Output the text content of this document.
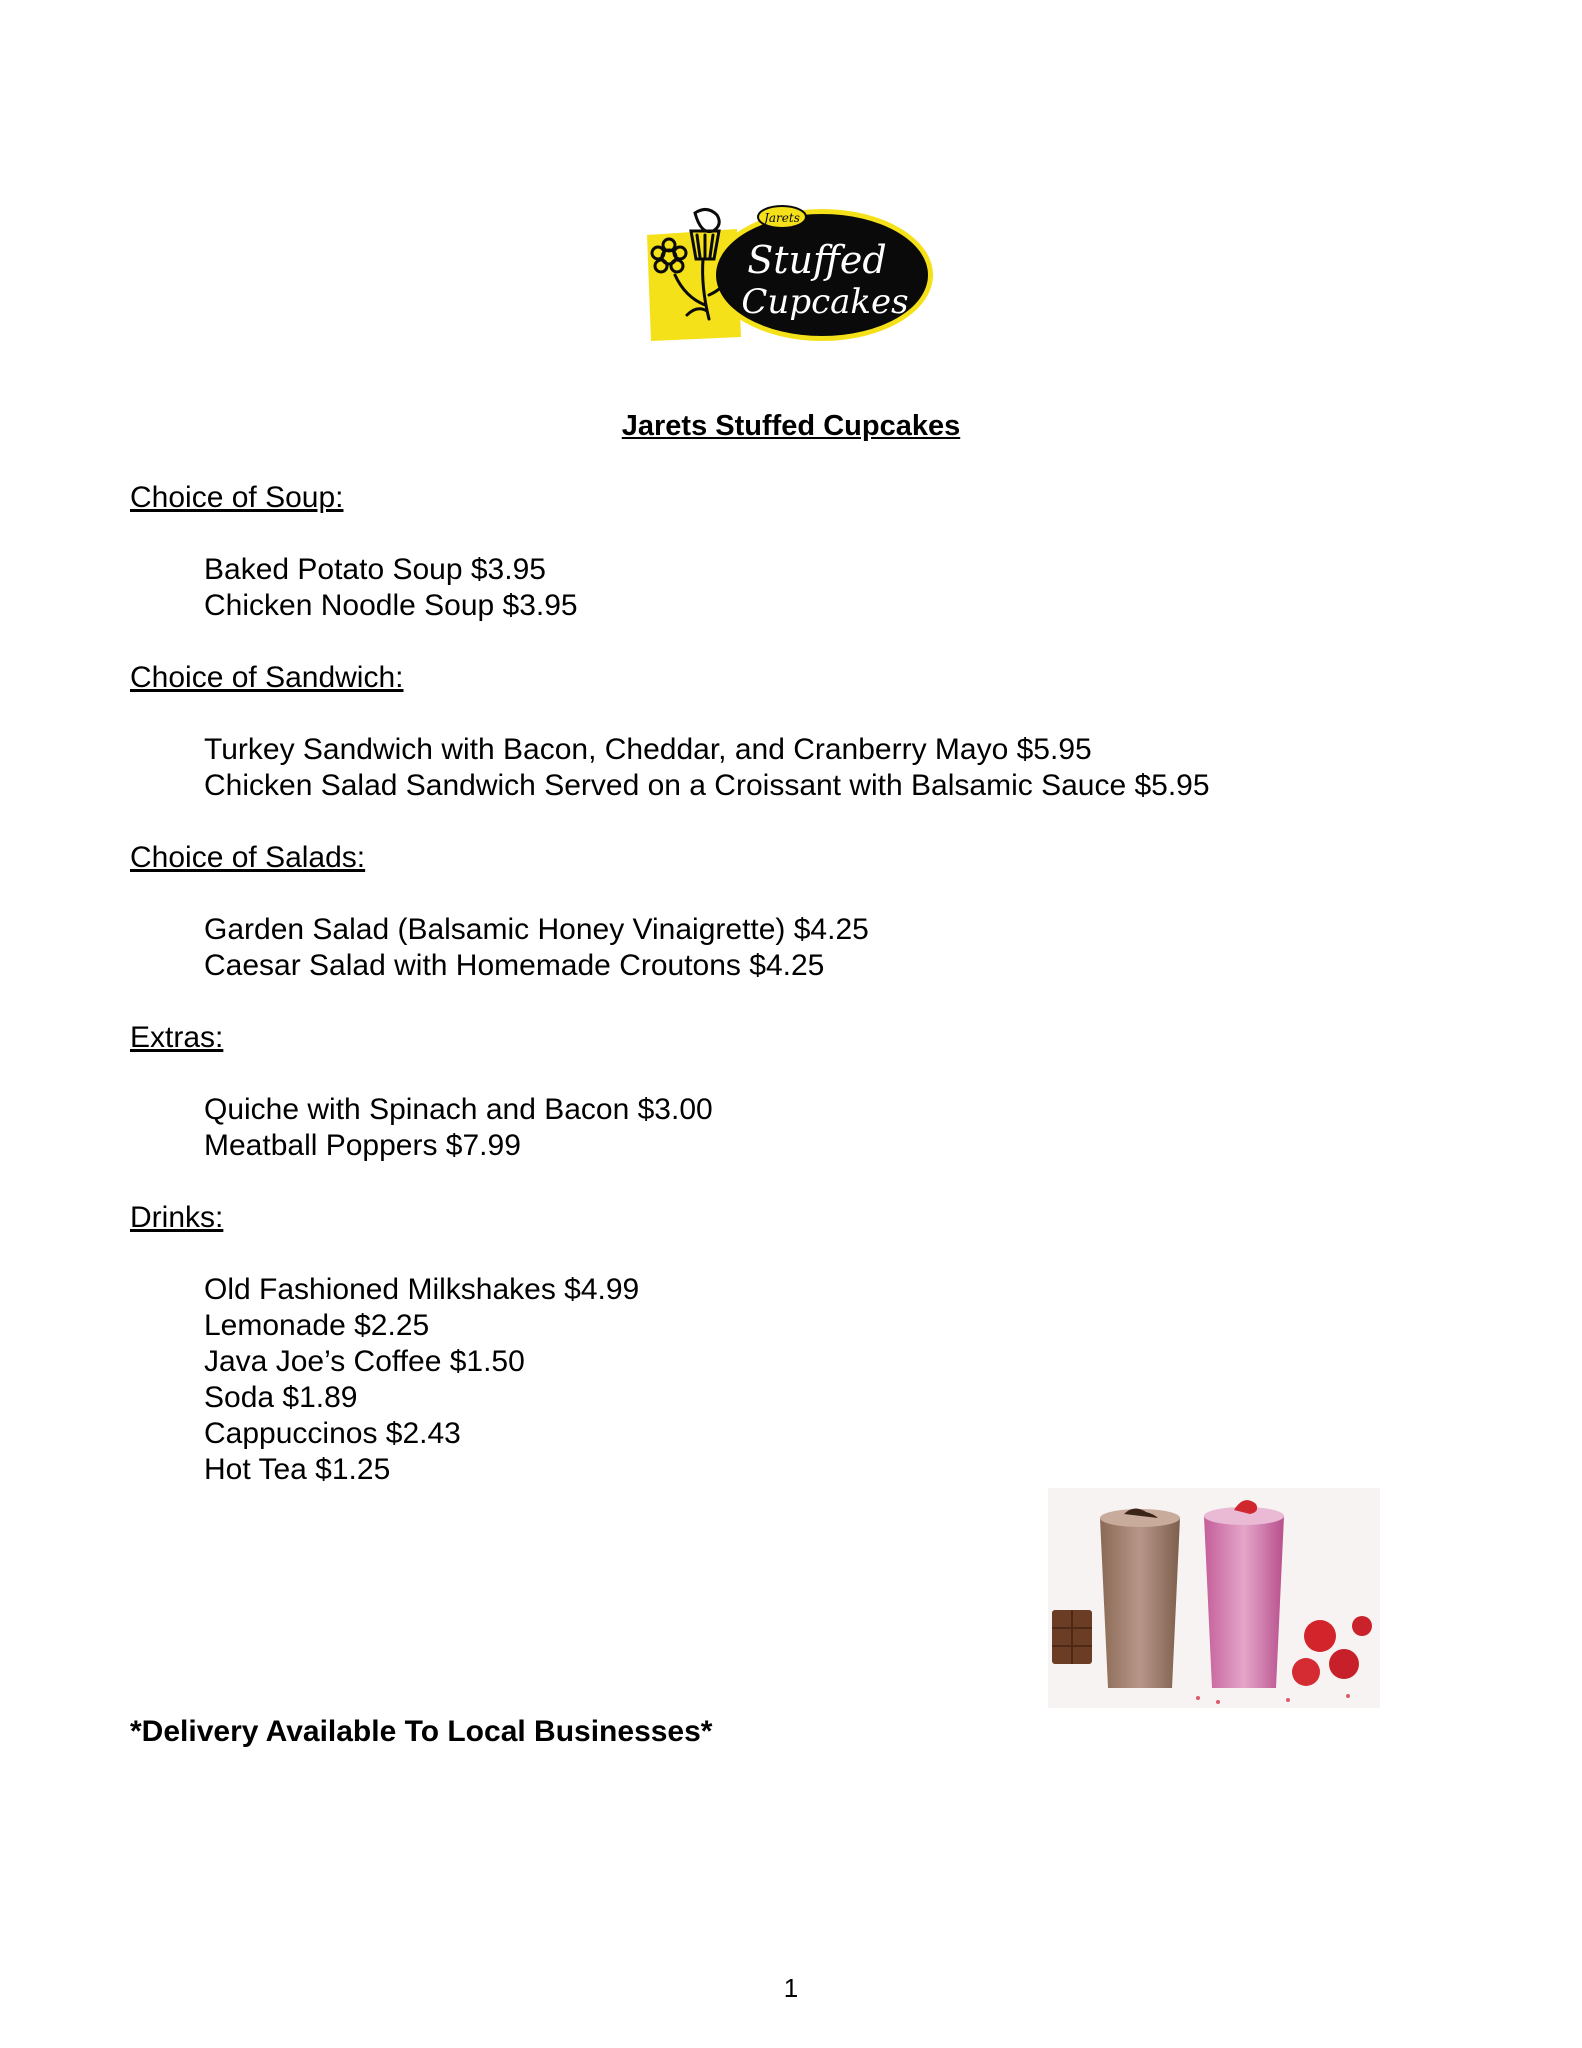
Jarets
Stuffed
Cupcakes
Jarets Stuffed Cupcakes
Choice of Soup:
Baked Potato Soup $3.95
Chicken Noodle Soup $3.95
Choice of Sandwich:
Turkey Sandwich with Bacon, Cheddar, and Cranberry Mayo $5.95
Chicken Salad Sandwich Served on a Croissant with Balsamic Sauce $5.95
Choice of Salads:
Garden Salad (Balsamic Honey Vinaigrette) $4.25
Caesar Salad with Homemade Croutons $4.25
Extras:
Quiche with Spinach and Bacon $3.00
Meatball Poppers $7.99
Drinks:
Old Fashioned Milkshakes $4.99
Lemonade $2.25
Java Joe’s Coffee $1.50
Soda $1.89
Cappuccinos $2.43
Hot Tea $1.25
*Delivery Available To Local Businesses*
1
